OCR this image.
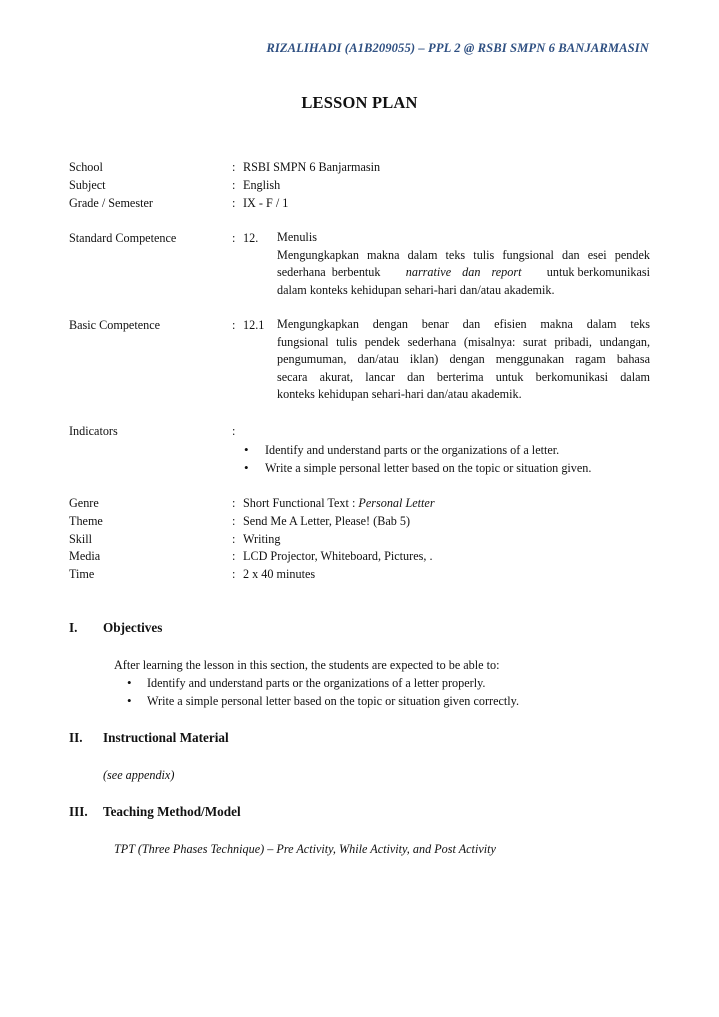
RIZALIHADI (A1B209055) – PPL 2 @ RSBI SMPN 6 BANJARMASIN
LESSON PLAN
School	: RSBI SMPN 6 Banjarmasin
Subject	: English
Grade / Semester	: IX - F / 1
Standard Competence	: 12. Menulis
Mengungkapkan makna dalam teks tulis fungsional dan esei pendek
sederhana berbentuk narrative dan report untuk berkomunikasi
dalam konteks kehidupan sehari-hari dan/atau akademik.
Basic Competence	: 12.1 Mengungkapkan dengan benar dan efisien makna dalam teks
fungsional tulis pendek sederhana (misalnya: surat pribadi, undangan,
pengumuman, dan/atau iklan) dengan menggunakan ragam bahasa
secara akurat, lancar dan berterima untuk berkomunikasi dalam
konteks kehidupan sehari-hari dan/atau akademik.
Indicators	:
• Identify and understand parts or the organizations of a letter.
• Write a simple personal letter based on the topic or situation given.
Genre	: Short Functional Text : Personal Letter
Theme	: Send Me A Letter, Please! (Bab 5)
Skill	: Writing
Media	: LCD Projector, Whiteboard, Pictures, .
Time	: 2 x 40 minutes
I. Objectives
After learning the lesson in this section, the students are expected to be able to:
• Identify and understand parts or the organizations of a letter properly.
• Write a simple personal letter based on the topic or situation given correctly.
II. Instructional Material
(see appendix)
III. Teaching Method/Model
TPT (Three Phases Technique) – Pre Activity, While Activity, and Post Activity
